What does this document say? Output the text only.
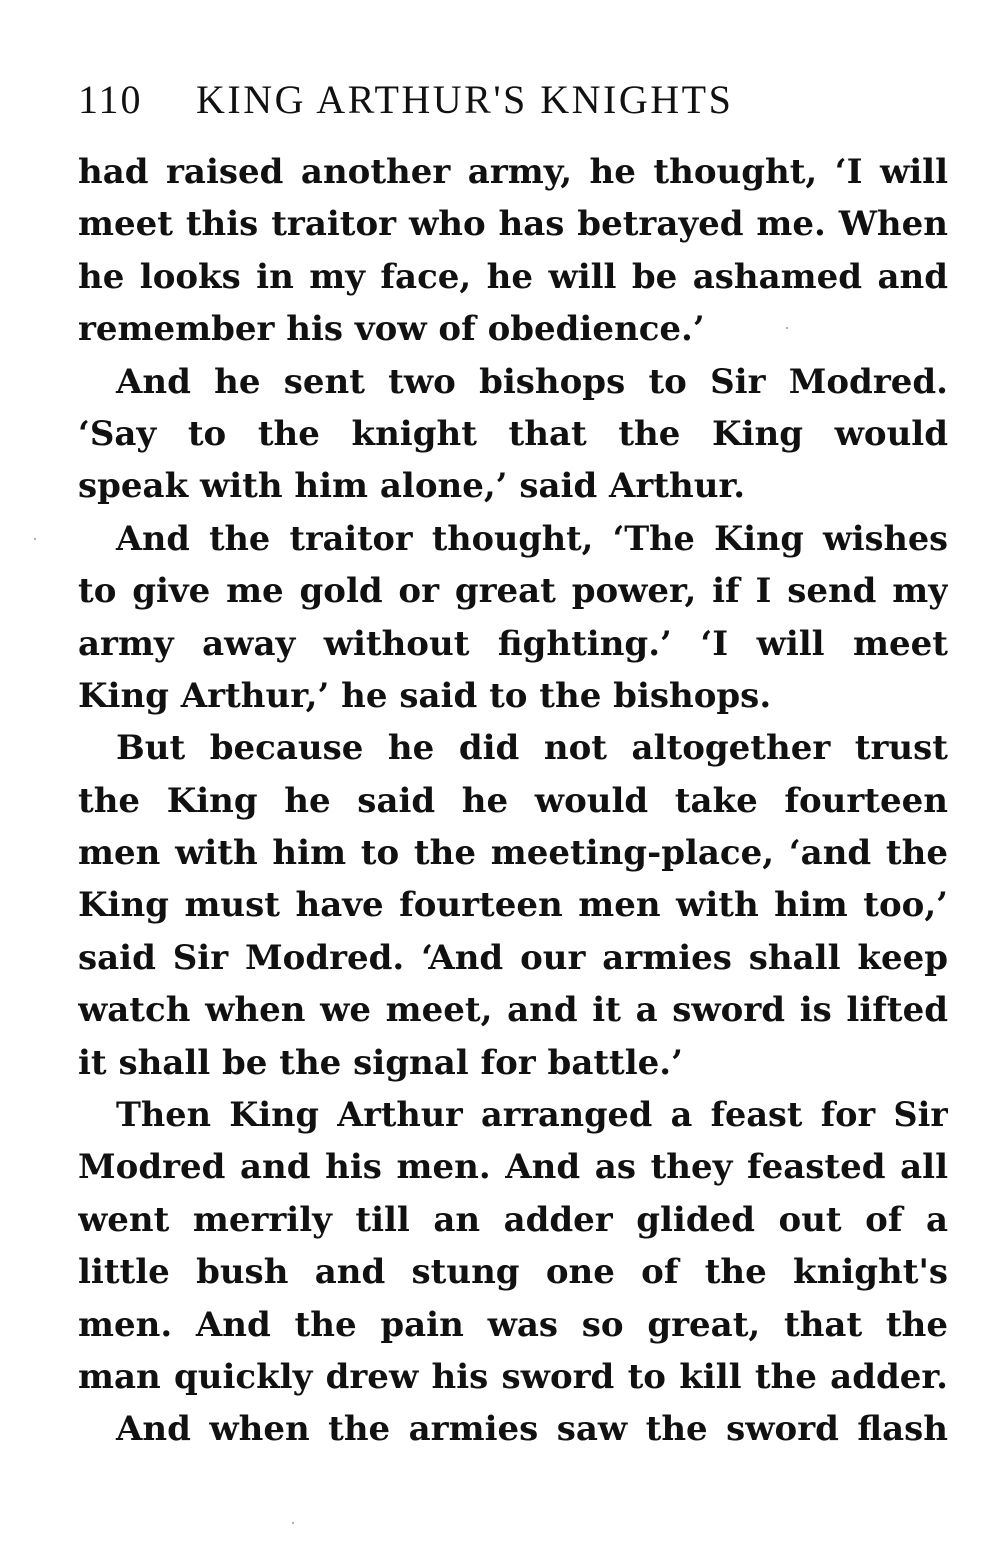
110 KING ARTHUR'S KNIGHTS
had raised another army, he thought, ‘I will
meet this traitor who has betrayed me. When
he looks in my face, he will be ashamed and
remember his vow of obedience.’
And he sent two bishops to Sir Modred.
‘Say to the knight that the King would
speak with him alone,’ said Arthur.
And the traitor thought, ‘The King wishes
to give me gold or great power, if I send my
army away without fighting.’ ‘I will meet
King Arthur,’ he said to the bishops.
But because he did not altogether trust
the King he said he would take fourteen
men with him to the meeting-place, ‘and the
King must have fourteen men with him too,’
said Sir Modred. ‘And our armies shall keep
watch when we meet, and it a sword is lifted
it shall be the signal for battle.’
Then King Arthur arranged a feast for Sir
Modred and his men. And as they feasted all
went merrily till an adder glided out of a
little bush and stung one of the knight's
men. And the pain was so great, that the
man quickly drew his sword to kill the adder.
And when the armies saw the sword flash
